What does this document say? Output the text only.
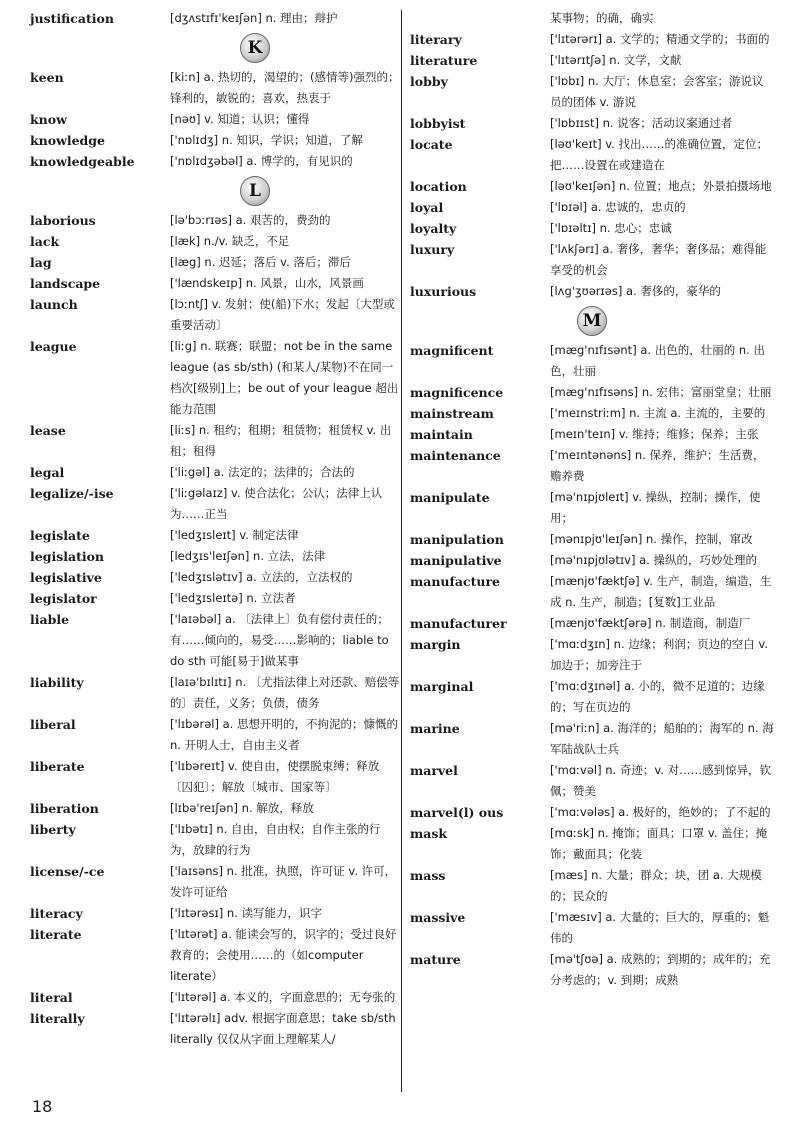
justification	[dʒʌstɪfɪ'keɪʃən] n. 理由；辩护
K
keen	[kiːn] a. 热切的，渴望的；(感情等)强烈的；锋利的，敏锐的；喜欢，热衷于
know	[nəʊ] v. 知道；认识；懂得
knowledge	['nɒlɪdʒ] n. 知识，学识；知道，了解
knowledgeable	['nɒlɪdʒəbəl] a. 博学的，有见识的
L
laborious	[lə'bɔːrɪəs] a. 艰苦的，费劲的
lack	[læk] n./v. 缺乏，不足
lag	[læg] n. 迟延；落后 v. 落后；滞后
landscape	['lændskeɪp] n. 风景，山水，风景画
launch	[lɔːntʃ] v. 发射；使(船)下水；发起〔大型或重要活动〕
league	[liːg] n. 联赛；联盟；not be in the same league (as sb/sth) (和某人/某物)不在同一档次[级别]上；be out of your league 超出能力范围
lease	[liːs] n. 租约；租期；租赁物；租赁权 v. 出租；租得
legal	['liːgəl] a. 法定的；法律的；合法的
legalize/-ise	['liːgəlaɪz] v. 使合法化；公认；法律上认为……正当
legislate	['ledʒɪsleɪt] v. 制定法律
legislation	[ledʒɪs'leɪʃən] n. 立法，法律
legislative	['ledʒɪslətɪv] a. 立法的，立法权的
legislator	['ledʒɪsleɪtə] n. 立法者
liable	['laɪəbəl] a. 〔法律上〕负有偿付责任的；有……倾向的，易受……影响的；liable to do sth 可能[易于]做某事
liability	[laɪə'bɪlɪtɪ] n. 〔尤指法律上对还款、赔偿等的〕责任，义务；负债，债务
liberal	['lɪbərəl] a. 思想开明的，不拘泥的；慷慨的 n. 开明人士，自由主义者
liberate	['lɪbəreɪt] v. 使自由，使摆脱束缚；释放〔囚犯〕；解放〔城市、国家等〕
liberation	[lɪbə'reɪʃən] n. 解放，释放
liberty	['lɪbətɪ] n. 自由，自由权；自作主张的行为，放肆的行为
license/-ce	['laɪsəns] n. 批准，执照，许可证 v. 许可，发许可证给
literacy	['lɪtərəsɪ] n. 读写能力，识字
literate	['lɪtərət] a. 能读会写的，识字的；受过良好教育的；会使用……的（如computer literate）
literal	['lɪtərəl] a. 本义的，字面意思的；无夸张的
literally	['lɪtərəlɪ] adv. 根据字面意思；take sb/sth literally 仅仅从字面上理解某人/
某事物；的确，确实
literary	['lɪtərərɪ] a. 文学的；精通文学的；书面的
literature	['lɪtərɪtʃə] n. 文学，文献
lobby	['lɒbɪ] n. 大厅；休息室；会客室；游说议员的团体 v. 游说
lobbyist	['lɒbɪɪst] n. 说客；活动议案通过者
locate	[ləʊ'keɪt] v. 找出……的准确位置，定位；把……设置在或建造在
location	[ləʊ'keɪʃən] n. 位置；地点；外景拍摄场地
loyal	['lɒɪəl] a. 忠诚的，忠贞的
loyalty	['lɒɪəltɪ] n. 忠心；忠诚
luxury	['lʌkʃərɪ] a. 奢侈，奢华；奢侈品；难得能享受的机会
luxurious	[lʌg'ʒʊərɪəs] a. 奢侈的，豪华的
M
magnificent	[mæg'nɪfɪsənt] a. 出色的，壮丽的 n. 出色，壮丽
magnificence	[mæg'nɪfɪsəns] n. 宏伟；富丽堂皇；壮丽
mainstream	['meɪnstriːm] n. 主流 a. 主流的，主要的
maintain	[meɪn'teɪn] v. 维持；维修；保养；主张
maintenance	['meɪntənəns] n. 保养，维护；生活费，赡养费
manipulate	[mə'nɪpjʊleɪt] v. 操纵，控制；操作，使用；
manipulation	[mənɪpjʊ'leɪʃən] n. 操作，控制，窜改
manipulative	[mə'nɪpjʊlətɪv] a. 操纵的，巧妙处理的
manufacture	[mænjʊ'fæktʃə] v. 生产，制造，编造，生成 n. 生产，制造；[复数]工业品
manufacturer	[mænjʊ'fæktʃərə] n. 制造商，制造厂
margin	['mɑːdʒɪn] n. 边缘；利润；页边的空白 v. 加边于；加旁注于
marginal	['mɑːdʒɪnəl] a. 小的，微不足道的；边缘的；写在页边的
marine	[mə'riːn] a. 海洋的；船舶的；海军的 n. 海军陆战队士兵
marvel	['mɑːvəl] n. 奇迹；v. 对……感到惊异，钦佩；赞美
marvel(l) ous	['mɑːvələs] a. 极好的，绝妙的；了不起的
mask	[mɑːsk] n. 掩饰；面具；口罩 v. 盖住；掩饰；戴面具；化装
mass	[mæs] n. 大量；群众；块，团 a. 大规模的；民众的
massive	['mæsɪv] a. 大量的；巨大的，厚重的；魁伟的
mature	[mə'tʃʊə] a. 成熟的；到期的；成年的；充分考虑的；v. 到期；成熟
18
